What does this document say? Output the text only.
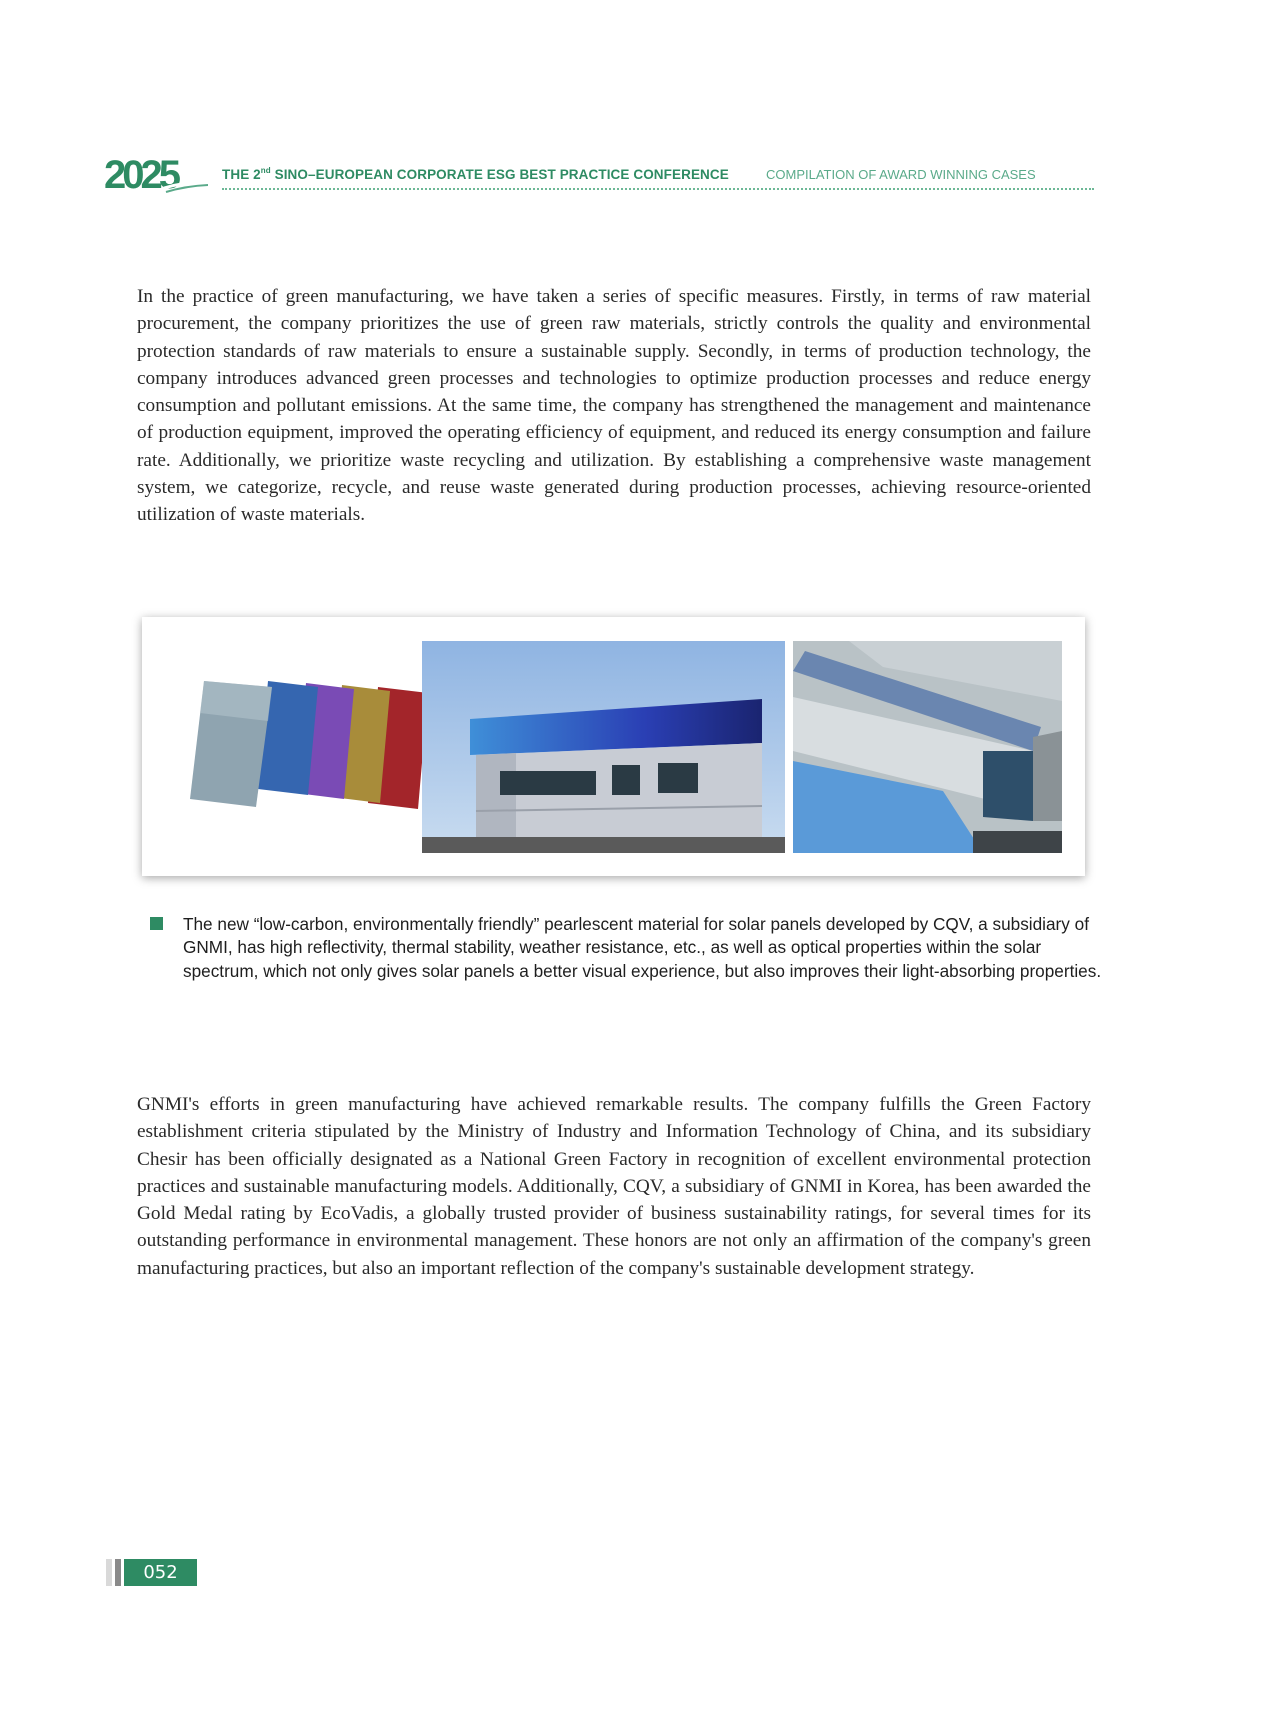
2025	THE 2nd SINO–EUROPEAN CORPORATE ESG BEST PRACTICE CONFERENCE	COMPILATION OF AWARD WINNING CASES

In the practice of green manufacturing, we have taken a series of specific measures. Firstly, in terms of raw material procurement, the company prioritizes the use of green raw materials, strictly controls the quality and environmental protection standards of raw materials to ensure a sustainable supply. Secondly, in terms of production technology, the company introduces advanced green processes and technologies to optimize production processes and reduce energy consumption and pollutant emissions. At the same time, the company has strengthened the management and maintenance of production equipment, improved the operating efficiency of equipment, and reduced its energy consumption and failure rate. Additionally, we prioritize waste recycling and utilization. By establishing a comprehensive waste management system, we categorize, recycle, and reuse waste generated during production processes, achieving resource-oriented utilization of waste materials.

The new “low-carbon, environmentally friendly” pearlescent material for solar panels developed by CQV, a subsidiary of GNMI, has high reflectivity, thermal stability, weather resistance, etc., as well as optical properties within the solar spectrum, which not only gives solar panels a better visual experience, but also improves their light-absorbing properties.

GNMI's efforts in green manufacturing have achieved remarkable results. The company fulfills the Green Factory establishment criteria stipulated by the Ministry of Industry and Information Technology of China, and its subsidiary Chesir has been officially designated as a National Green Factory in recognition of excellent environmental protection practices and sustainable manufacturing models. Additionally, CQV, a subsidiary of GNMI in Korea, has been awarded the Gold Medal rating by EcoVadis, a globally trusted provider of business sustainability ratings, for several times for its outstanding performance in environmental management. These honors are not only an affirmation of the company's green manufacturing practices, but also an important reflection of the company's sustainable development strategy.

052
